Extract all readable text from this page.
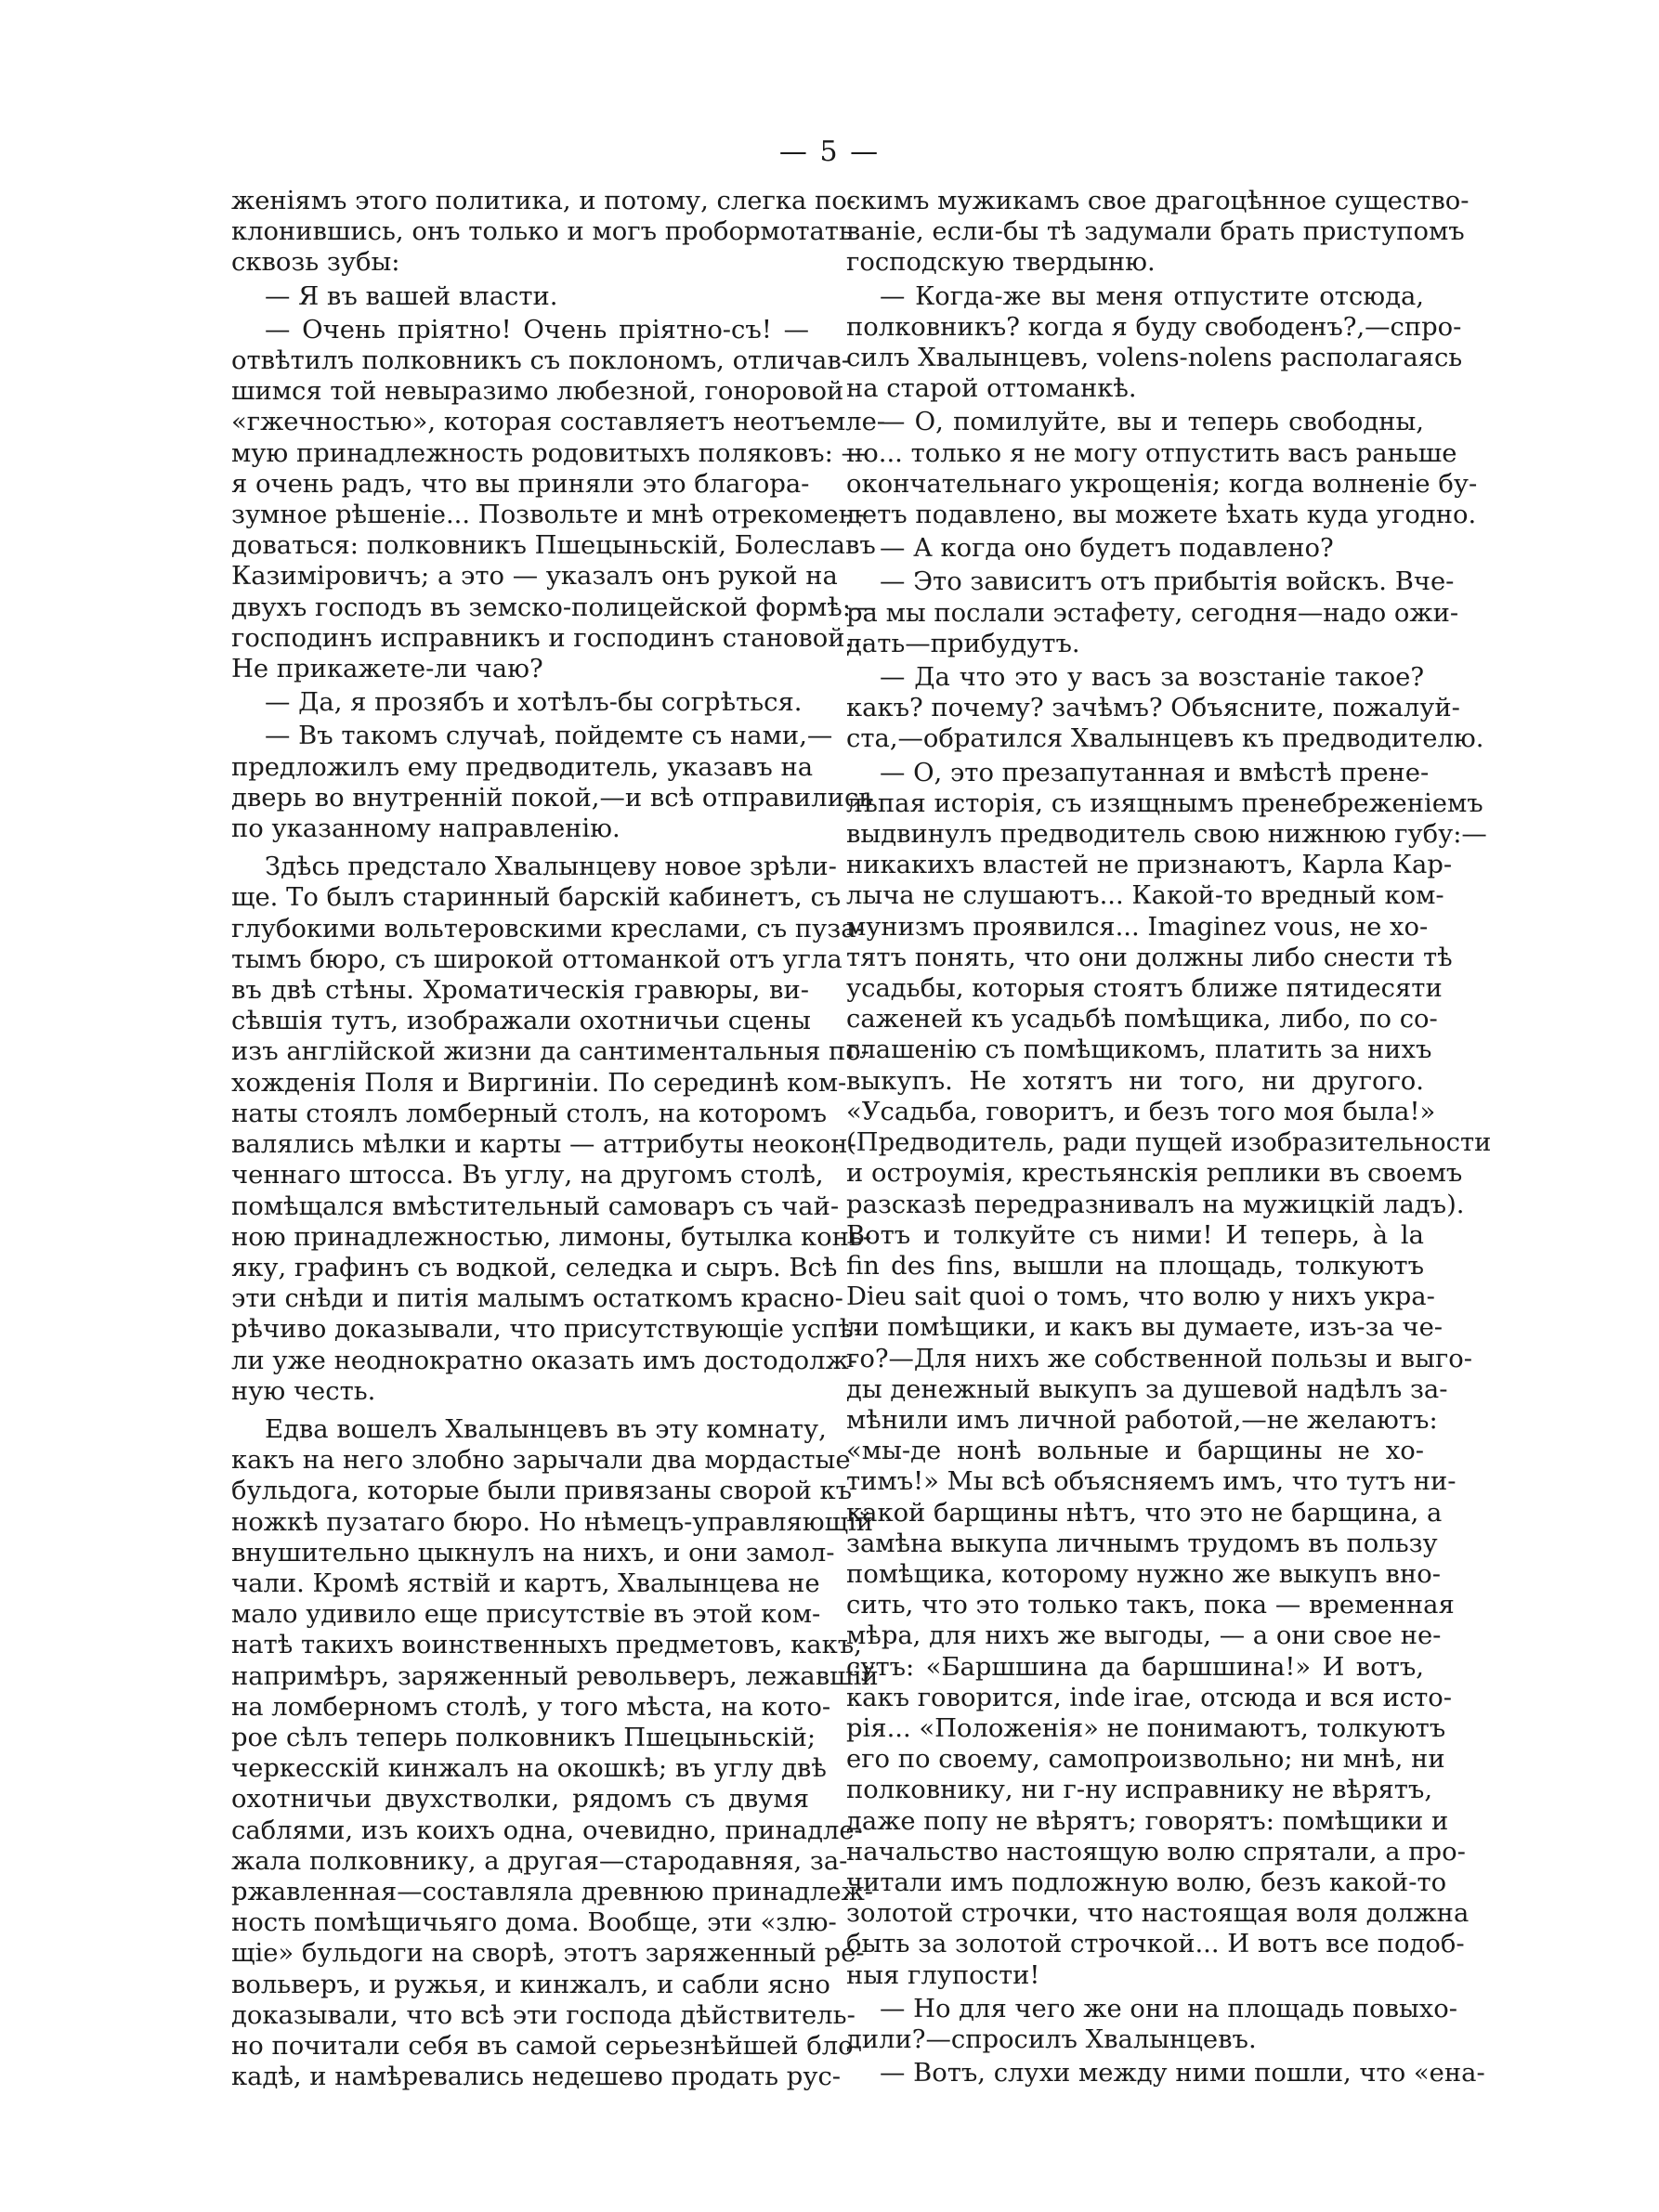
— 5 —

женіямъ этого политика, и потому, слегка по-
клонившись, онъ только и могъ пробормотать
сквозь зубы:

— Я въ вашей власти.

— Очень пріятно! Очень пріятно-съ! —
отвѣтилъ полковникъ съ поклономъ, отличав-
шимся той невыразимо любезной, гоноровой
«гжечностью», которая составляетъ неотъемле-
мую принадлежность родовитыхъ поляковъ: —
я очень радъ, что вы приняли это благора-
зумное рѣшеніе... Позвольте и мнѣ отрекомен-
доваться: полковникъ Пшецыньскій, Болеславъ
Казиміровичъ; а это — указалъ онъ рукой на
двухъ господъ въ земско-полицейской формѣ:—
господинъ исправникъ и господинъ становой...
Не прикажете-ли чаю?

— Да, я прозябъ и хотѣлъ-бы согрѣться.

— Въ такомъ случаѣ, пойдемте съ нами,—
предложилъ ему предводитель, указавъ на
дверь во внутренній покой,—и всѣ отправились
по указанному направленію.

Здѣсь предстало Хвалынцеву новое зрѣли-
ще. То былъ старинный барскій кабинетъ, съ
глубокими вольтеровскими креслами, съ пуза-
тымъ бюро, съ широкой оттоманкой отъ угла
въ двѣ стѣны. Хроматическія гравюры, ви-
сѣвшія тутъ, изображали охотничьи сцены
изъ англійской жизни да сантиментальныя по-
хожденія Поля и Виргиніи. По серединѣ ком-
наты стоялъ ломберный столъ, на которомъ
валялись мѣлки и карты — аттрибуты неокон-
ченнаго штосса. Въ углу, на другомъ столѣ,
помѣщался вмѣстительный самоваръ съ чай-
ною принадлежностью, лимоны, бутылка конь-
яку, графинъ съ водкой, селедка и сыръ. Всѣ
эти снѣди и питія малымъ остаткомъ красно-
рѣчиво доказывали, что присутствующіе успѣ-
ли уже неоднократно оказать имъ достодолж-
ную честь.

Едва вошелъ Хвалынцевъ въ эту комнату,
какъ на него злобно зарычали два мордастые
бульдога, которые были привязаны сворой къ
ножкѣ пузатаго бюро. Но нѣмецъ-управляющій
внушительно цыкнулъ на нихъ, и они замол-
чали. Кромѣ яствій и картъ, Хвалынцева не
мало удивило еще присутствіе въ этой ком-
натѣ такихъ воинственныхъ предметовъ, какъ,
напримѣръ, заряженный револьверъ, лежавшій
на ломберномъ столѣ, у того мѣста, на кото-
рое сѣлъ теперь полковникъ Пшецыньскій;
черкесскій кинжалъ на окошкѣ; въ углу двѣ
охотничьи двухстволки, рядомъ съ двумя
саблями, изъ коихъ одна, очевидно, принадле-
жала полковнику, а другая—стародавняя, за-
ржавленная—составляла древнюю принадлеж-
ность помѣщичьяго дома. Вообще, эти «злю-
щіе» бульдоги на сворѣ, этотъ заряженный ре-
вольверъ, и ружья, и кинжалъ, и сабли ясно
доказывали, что всѣ эти господа дѣйствитель-
но почитали себя въ самой серьезнѣйшей бло-
кадѣ, и намѣревались недешево продать рус-

скимъ мужикамъ свое драгоцѣнное существо-
ваніе, если-бы тѣ задумали брать приступомъ
господскую твердыню.

— Когда-же вы меня отпустите отсюда,
полковникъ? когда я буду свободенъ?,—спро-
силъ Хвалынцевъ, volens-nolens располагаясь
на старой оттоманкѣ.

— О, помилуйте, вы и теперь свободны,
но... только я не могу отпустить васъ раньше
окончательнаго укрощенія; когда волненіе бу-
детъ подавлено, вы можете ѣхать куда угодно.

— А когда оно будетъ подавлено?

— Это зависитъ отъ прибытія войскъ. Вче-
ра мы послали эстафету, сегодня—надо ожи-
дать—прибудутъ.

— Да что это у васъ за возстаніе такое?
какъ? почему? зачѣмъ? Объясните, пожалуй-
ста,—обратился Хвалынцевъ къ предводителю.

— О, это презапутанная и вмѣстѣ прене-
лѣпая исторія, съ изящнымъ пренебреженіемъ
выдвинулъ предводитель свою нижнюю губу:—
никакихъ властей не признаютъ, Карла Кар-
лыча не слушаютъ... Какой-то вредный ком-
мунизмъ проявился... Imaginez vous, не хо-
тятъ понять, что они должны либо снести тѣ
усадьбы, которыя стоятъ ближе пятидесяти
саженей къ усадьбѣ помѣщика, либо, по со-
глашенію съ помѣщикомъ, платить за нихъ
выкупъ. Не хотятъ ни того, ни другого.
«Усадьба, говоритъ, и безъ того моя была!»
(Предводитель, ради пущей изобразительности
и остроумія, крестьянскія реплики въ своемъ
разсказѣ передразнивалъ на мужицкій ладъ).
Вотъ и толкуйте съ ними! И теперь, à la
fin des fins, вышли на площадь, толкуютъ
Dieu sait quoi о томъ, что волю у нихъ укра-
ли помѣщики, и какъ вы думаете, изъ-за че-
го?—Для нихъ же собственной пользы и выго-
ды денежный выкупъ за душевой надѣлъ за-
мѣнили имъ личной работой,—не желаютъ:
«мы-де нонѣ вольные и барщины не хо-
тимъ!» Мы всѣ объясняемъ имъ, что тутъ ни-
какой барщины нѣтъ, что это не барщина, а
замѣна выкупа личнымъ трудомъ въ пользу
помѣщика, которому нужно же выкупъ вно-
сить, что это только такъ, пока — временная
мѣра, для нихъ же выгоды, — а они свое не-
сутъ: «Баршшина да баршшина!» И вотъ,
какъ говорится, inde irae, отсюда и вся исто-
рія... «Положенія» не понимаютъ, толкуютъ
его по своему, самопроизвольно; ни мнѣ, ни
полковнику, ни г-ну исправнику не вѣрятъ,
даже попу не вѣрятъ; говорятъ: помѣщики и
начальство настоящую волю спрятали, а про-
читали имъ подложную волю, безъ какой-то
золотой строчки, что настоящая воля должна
быть за золотой строчкой... И вотъ все подоб-
ныя глупости!

— Но для чего же они на площадь повыхо-
дили?—спросилъ Хвалынцевъ.

— Вотъ, слухи между ними пошли, что «ена-
